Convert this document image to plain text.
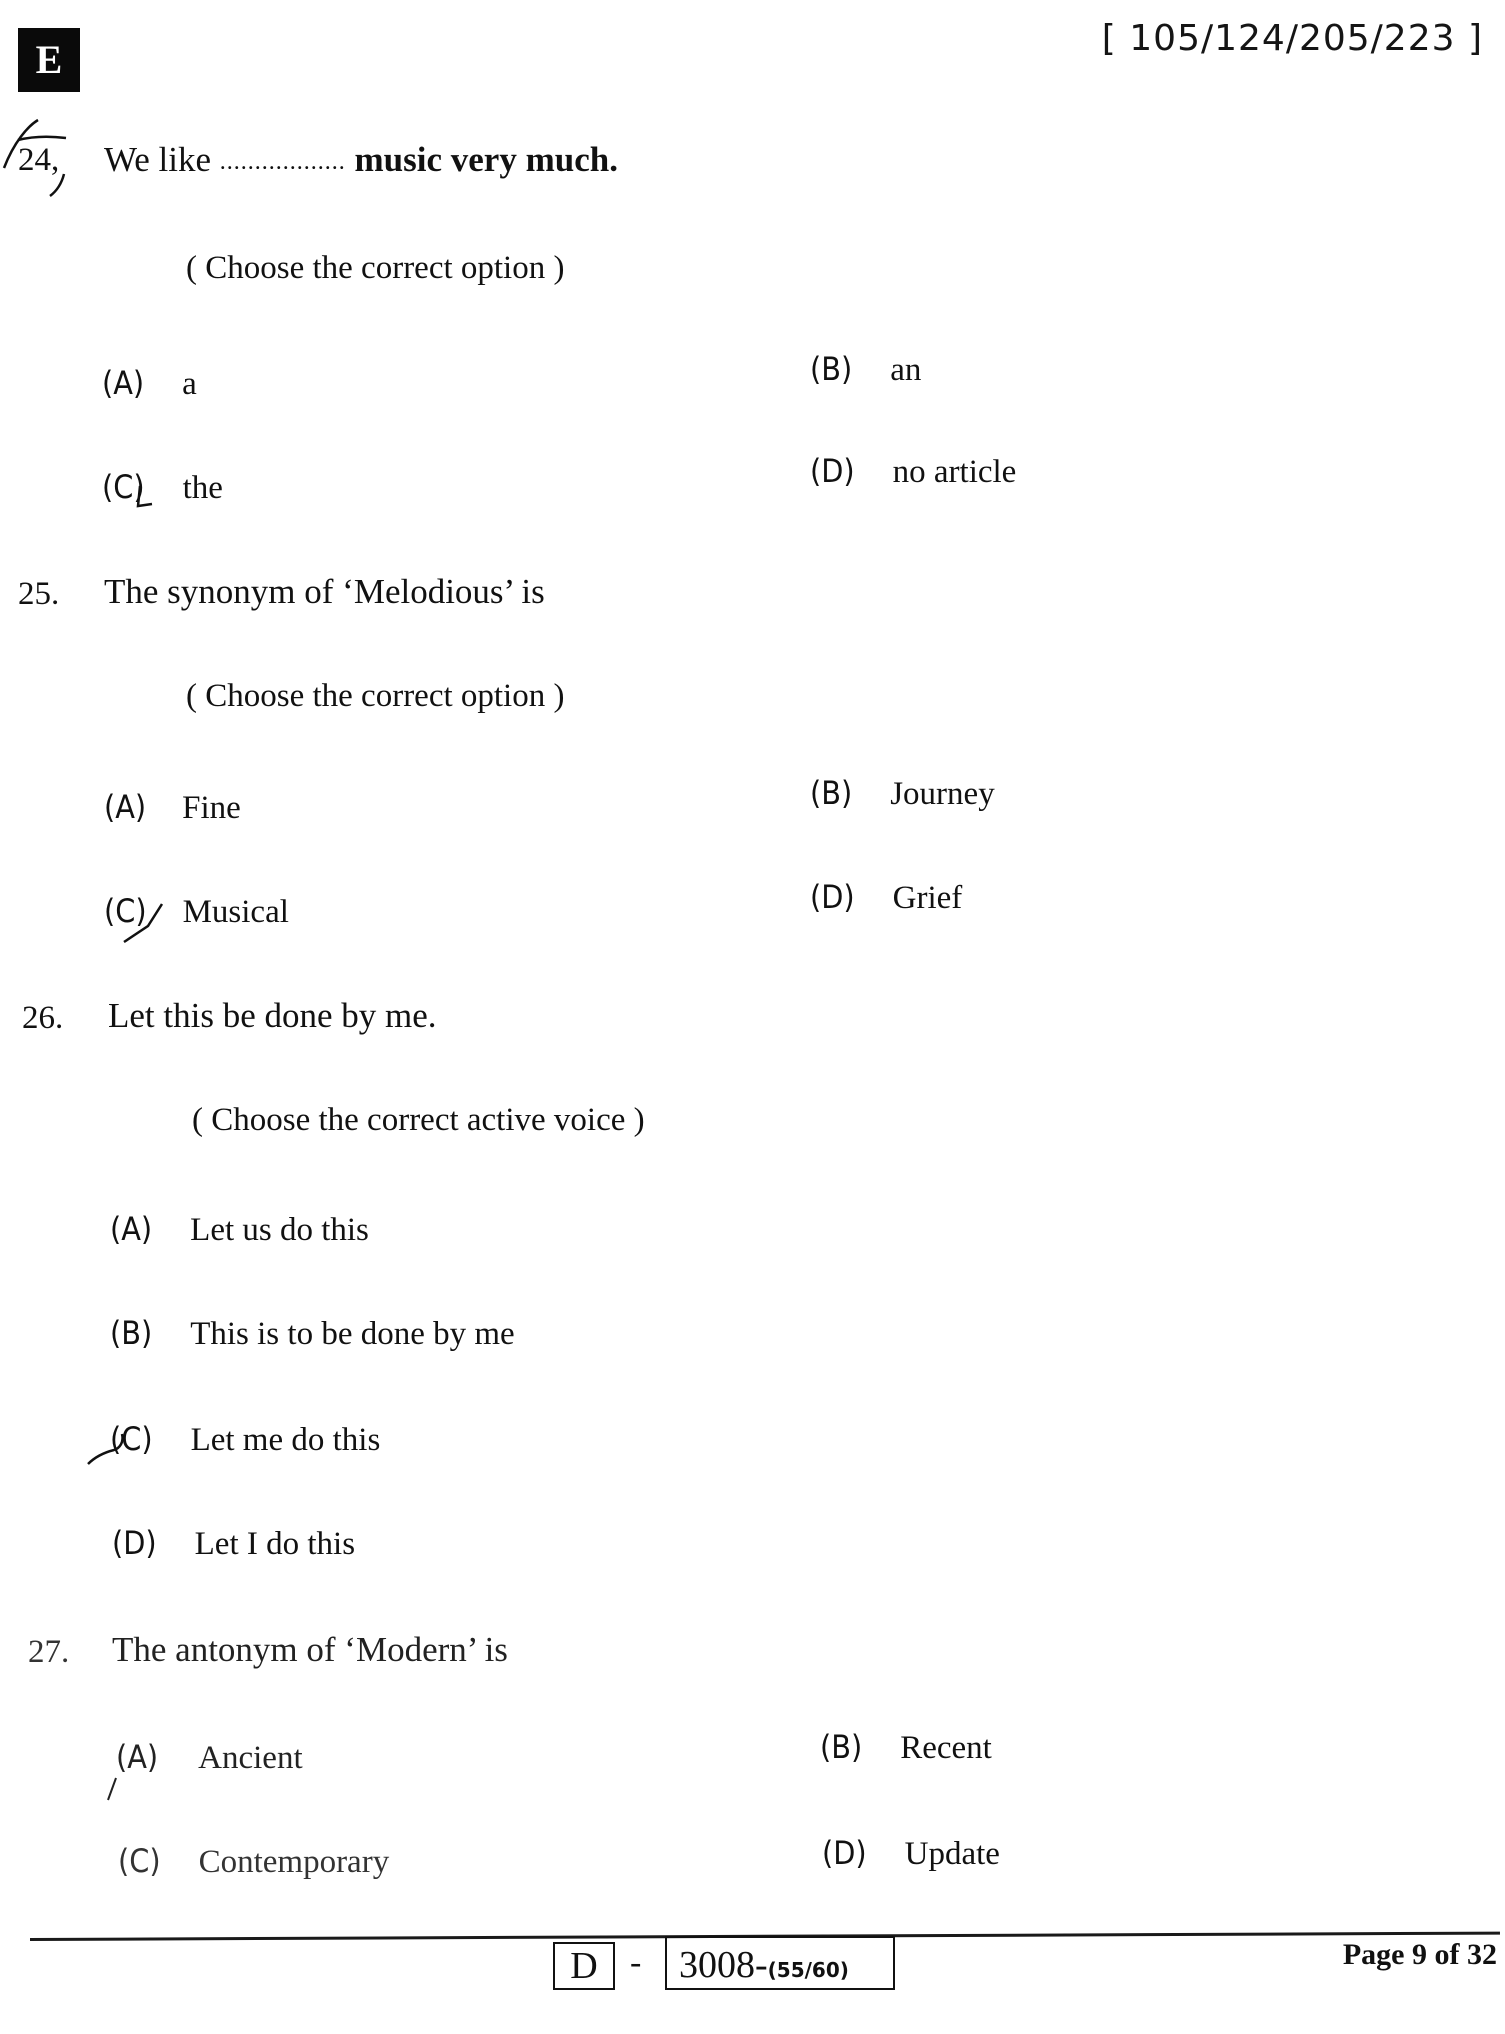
E	[ 105/124/205/223 ]
24, We like .................. music very much.
( Choose the correct option )
(A) a	(B) an
(C) the	(D) no article
25. The synonym of ‘Melodious’ is
( Choose the correct option )
(A) Fine	(B) Journey
(C) Musical	(D) Grief
26. Let this be done by me.
( Choose the correct active voice )
(A) Let us do this
(B) This is to be done by me
(C) Let me do this
(D) Let I do this
27. The antonym of ‘Modern’ is
(A) Ancient	(B) Recent
(C) Contemporary	(D) Update
D - 3008-(55/60)	Page 9 of 32
